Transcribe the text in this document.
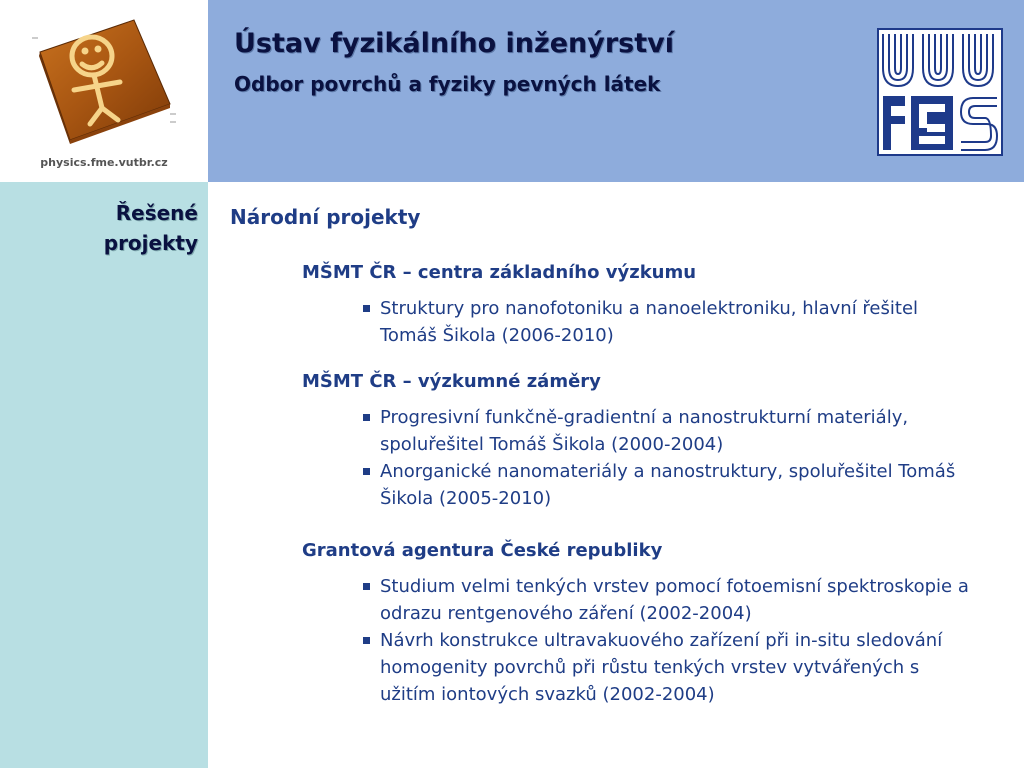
physics.fme.vutbr.cz
Ústav fyzikálního inženýrství
Odbor povrchů a fyziky pevných látek
Řešené
projekty
Národní projekty
MŠMT ČR – centra základního výzkumu
Struktury pro nanofotoniku a nanoelektroniku, hlavní řešitel Tomáš Šikola (2006-2010)
MŠMT ČR – výzkumné záměry
Progresivní funkčně-gradientní a nanostrukturní materiály, spoluřešitel Tomáš Šikola (2000-2004)
Anorganické nanomateriály a nanostruktury, spoluřešitel Tomáš Šikola (2005-2010)
Grantová agentura České republiky
Studium velmi tenkých vrstev pomocí fotoemisní spektroskopie a odrazu rentgenového záření (2002-2004)
Návrh konstrukce ultravakuového zařízení při in-situ sledování homogenity povrchů při růstu tenkých vrstev vytvářených s užitím iontových svazků (2002-2004)
